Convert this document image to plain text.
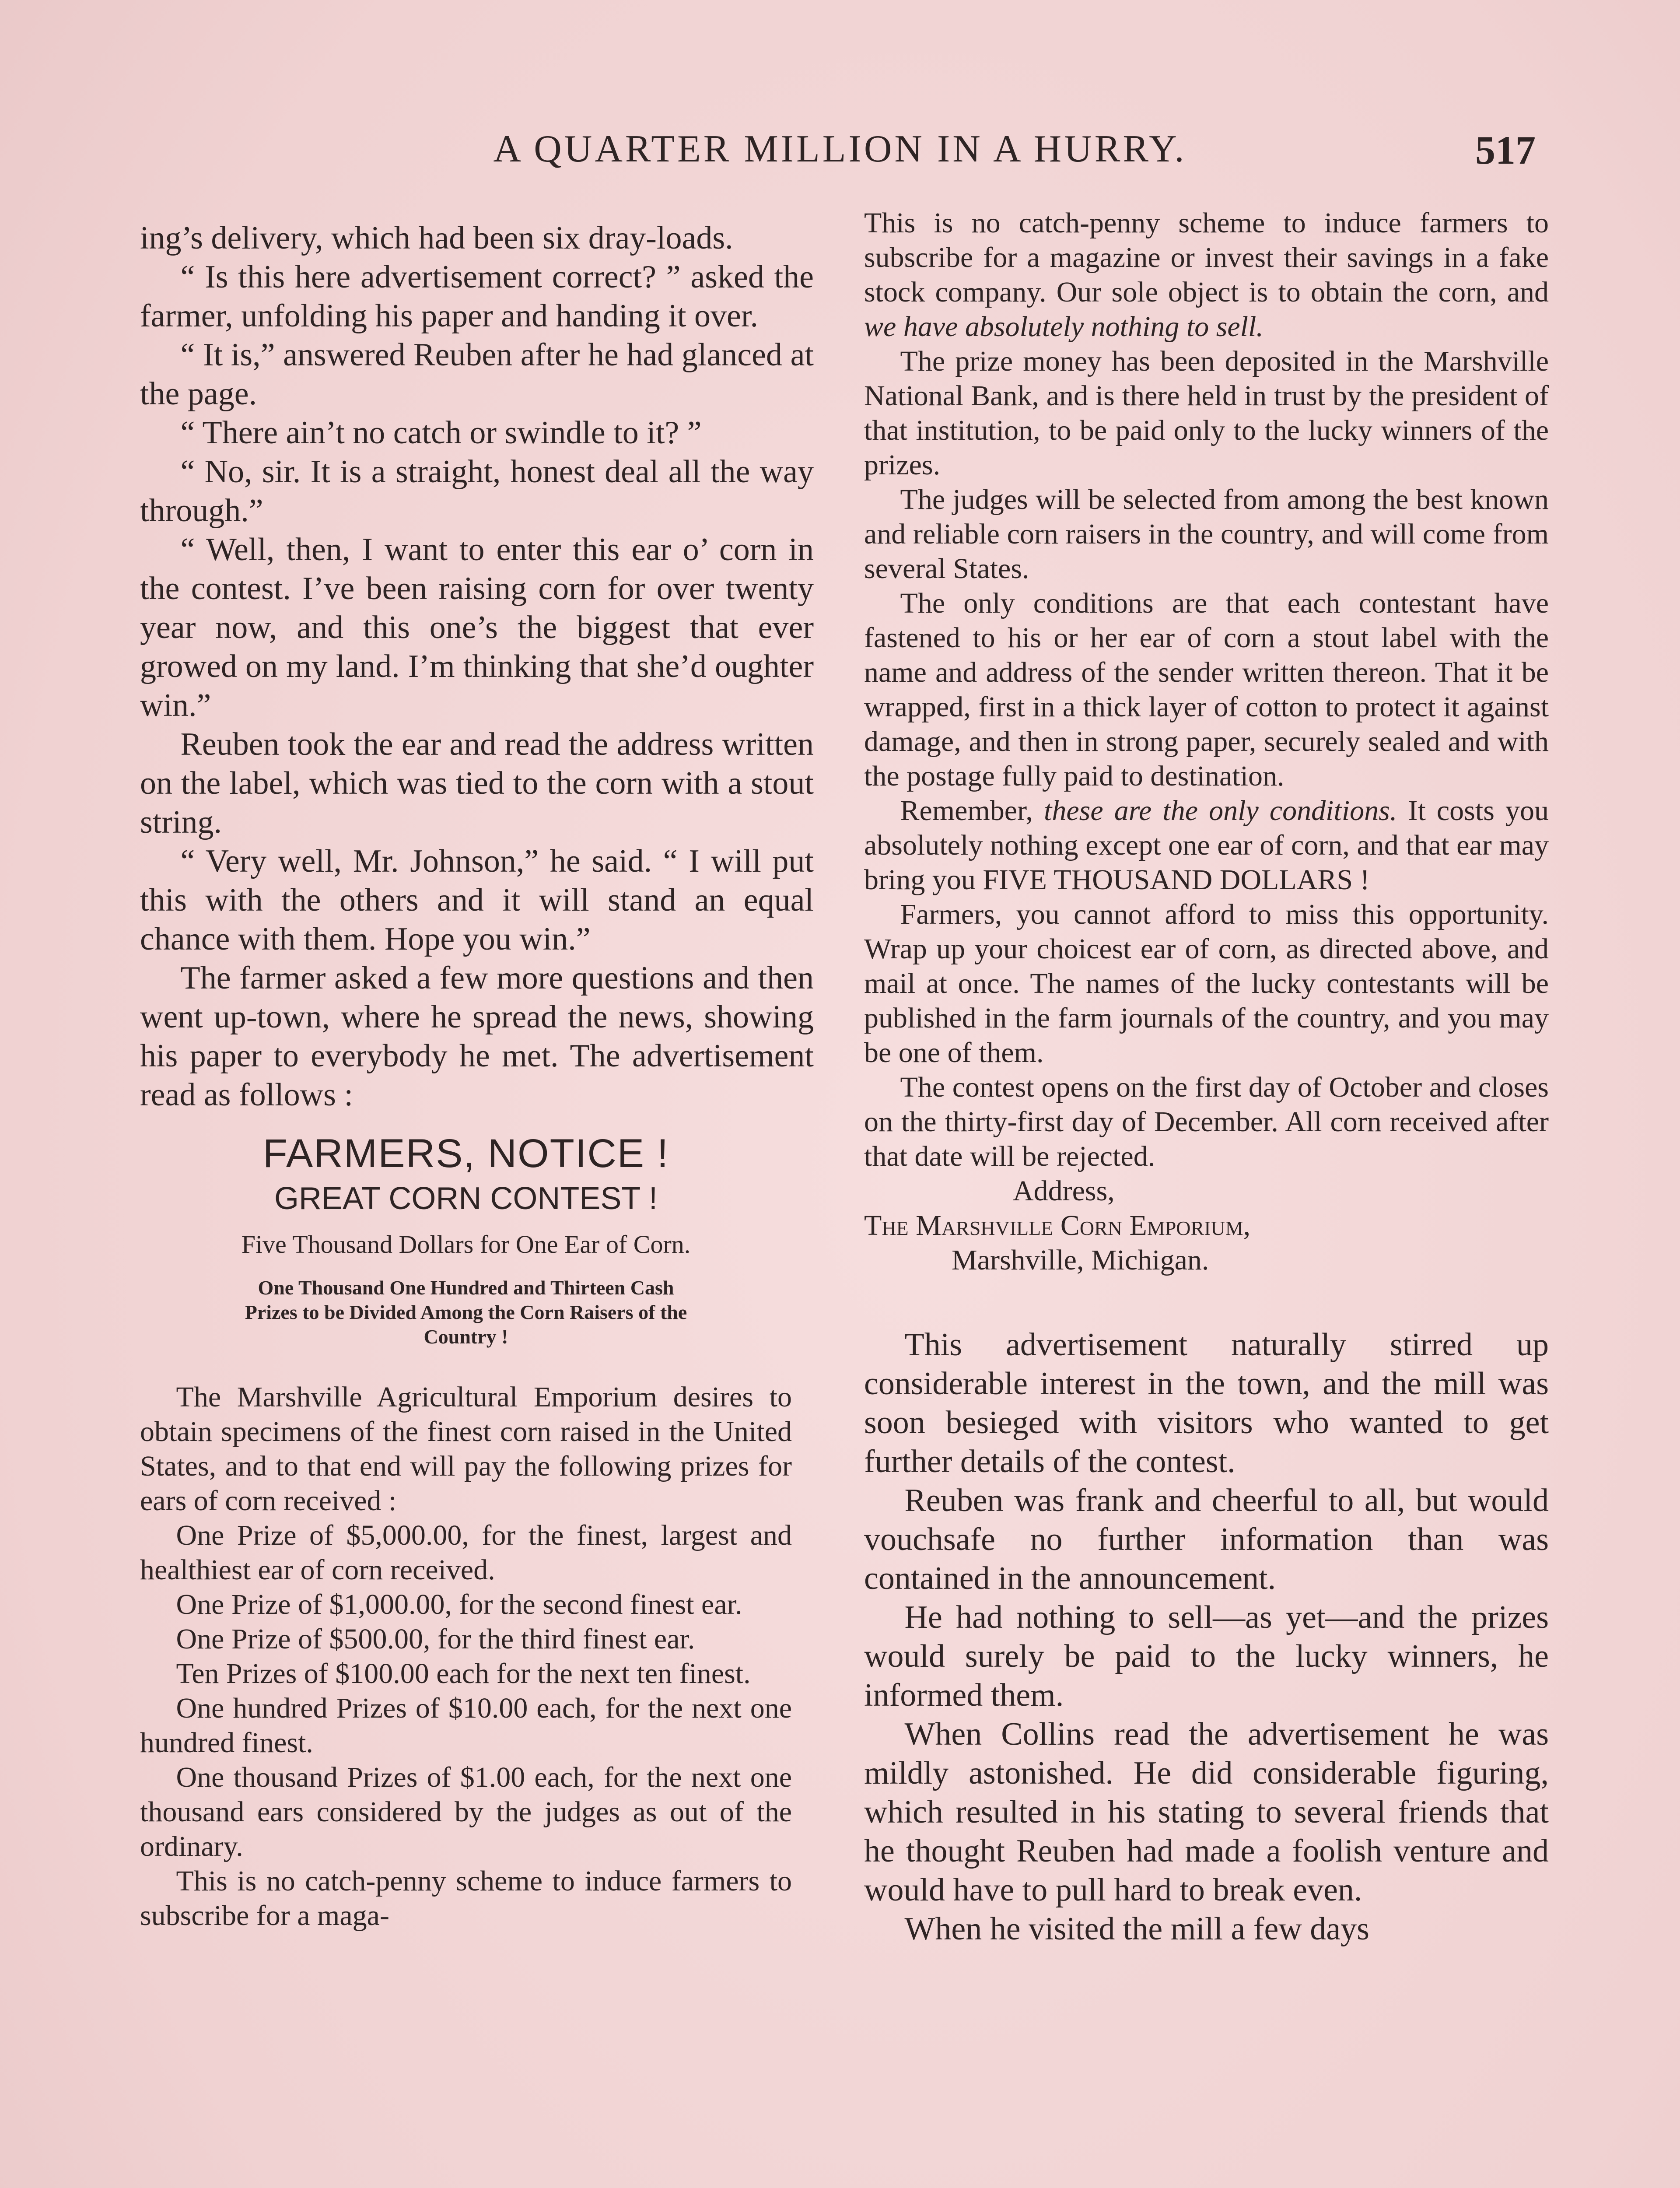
A QUARTER MILLION IN A HURRY.	517

ing’s delivery, which had been six dray-loads.

“ Is this here advertisement correct? ” asked the farmer, unfolding his paper and handing it over.

“ It is,” answered Reuben after he had glanced at the page.

“ There ain’t no catch or swindle to it? ”

“ No, sir. It is a straight, honest deal all the way through.”

“ Well, then, I want to enter this ear o’ corn in the contest. I’ve been raising corn for over twenty year now, and this one’s the biggest that ever growed on my land. I’m thinking that she’d oughter win.”

Reuben took the ear and read the address written on the label, which was tied to the corn with a stout string.

“ Very well, Mr. Johnson,” he said. “ I will put this with the others and it will stand an equal chance with them. Hope you win.”

The farmer asked a few more questions and then went up-town, where he spread the news, showing his paper to everybody he met. The advertisement read as follows :

FARMERS, NOTICE !
GREAT CORN CONTEST !
Five Thousand Dollars for One Ear of Corn.
One Thousand One Hundred and Thirteen Cash Prizes to be Divided Among the Corn Raisers of the Country !

The Marshville Agricultural Emporium desires to obtain specimens of the finest corn raised in the United States, and to that end will pay the following prizes for ears of corn received :

One Prize of $5,000.00, for the finest, largest and healthiest ear of corn received.

One Prize of $1,000.00, for the second finest ear.

One Prize of $500.00, for the third finest ear.

Ten Prizes of $100.00 each for the next ten finest.

One hundred Prizes of $10.00 each, for the next one hundred finest.

One thousand Prizes of $1.00 each, for the next one thousand ears considered by the judges as out of the ordinary.

This is no catch-penny scheme to induce farmers to subscribe for a maga-

This is no catch-penny scheme to induce farmers to subscribe for a magazine or invest their savings in a fake stock company. Our sole object is to obtain the corn, and we have absolutely nothing to sell.

The prize money has been deposited in the Marshville National Bank, and is there held in trust by the president of that institution, to be paid only to the lucky winners of the prizes.

The judges will be selected from among the best known and reliable corn raisers in the country, and will come from several States.

The only conditions are that each contestant have fastened to his or her ear of corn a stout label with the name and address of the sender written thereon. That it be wrapped, first in a thick layer of cotton to protect it against damage, and then in strong paper, securely sealed and with the postage fully paid to destination.

Remember, these are the only conditions. It costs you absolutely nothing except one ear of corn, and that ear may bring you FIVE THOUSAND DOLLARS !

Farmers, you cannot afford to miss this opportunity. Wrap up your choicest ear of corn, as directed above, and mail at once. The names of the lucky contestants will be published in the farm journals of the country, and you may be one of them.

The contest opens on the first day of October and closes on the thirty-first day of December. All corn received after that date will be rejected.

Address,

The Marshville Corn Emporium,

Marshville, Michigan.

This advertisement naturally stirred up considerable interest in the town, and the mill was soon besieged with visitors who wanted to get further details of the contest.

Reuben was frank and cheerful to all, but would vouchsafe no further information than was contained in the announcement.

He had nothing to sell—as yet—and the prizes would surely be paid to the lucky winners, he informed them.

When Collins read the advertisement he was mildly astonished. He did considerable figuring, which resulted in his stating to several friends that he thought Reuben had made a foolish venture and would have to pull hard to break even.

When he visited the mill a few days
